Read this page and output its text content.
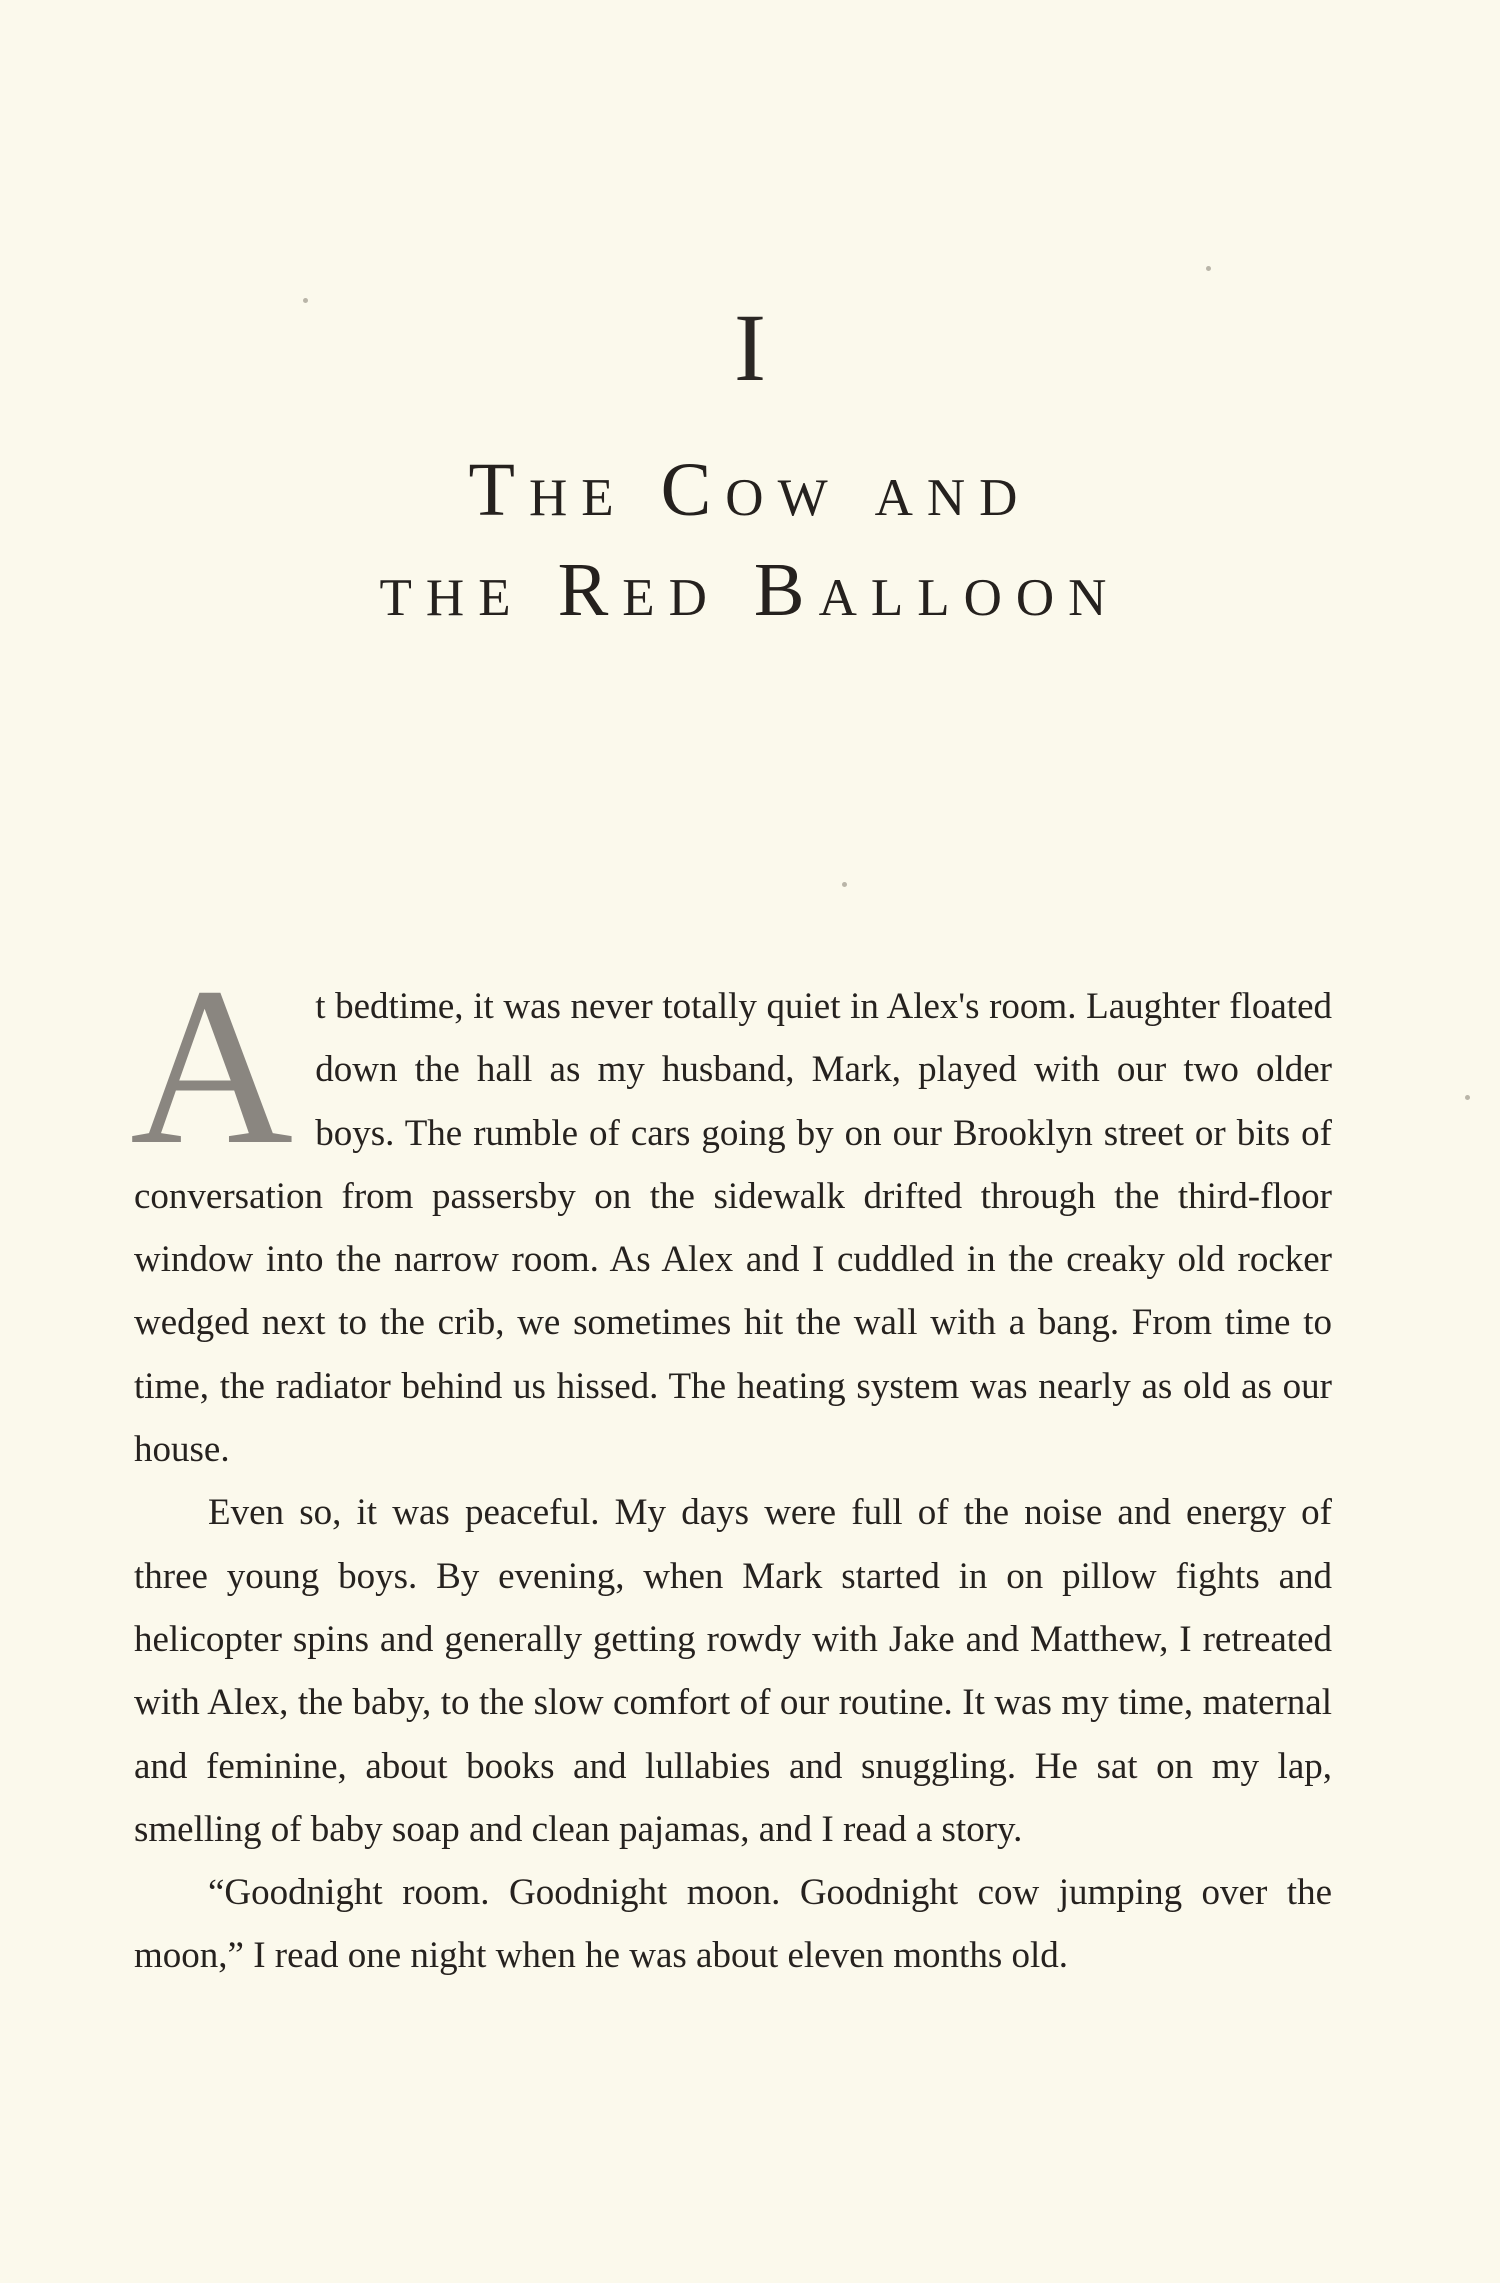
I
The Cow and
the Red Balloon

At bedtime, it was never totally quiet in Alex's room. Laughter floated down the hall as my husband, Mark, played with our two older boys. The rumble of cars going by on our Brooklyn street or bits of conversation from passersby on the sidewalk drifted through the third-floor window into the narrow room. As Alex and I cuddled in the creaky old rocker wedged next to the crib, we sometimes hit the wall with a bang. From time to time, the radiator behind us hissed. The heating system was nearly as old as our house.

Even so, it was peaceful. My days were full of the noise and energy of three young boys. By evening, when Mark started in on pillow fights and helicopter spins and generally getting rowdy with Jake and Matthew, I retreated with Alex, the baby, to the slow comfort of our routine. It was my time, maternal and feminine, about books and lullabies and snuggling. He sat on my lap, smelling of baby soap and clean pajamas, and I read a story.

“Goodnight room. Goodnight moon. Goodnight cow jumping over the moon,” I read one night when he was about eleven months old.
